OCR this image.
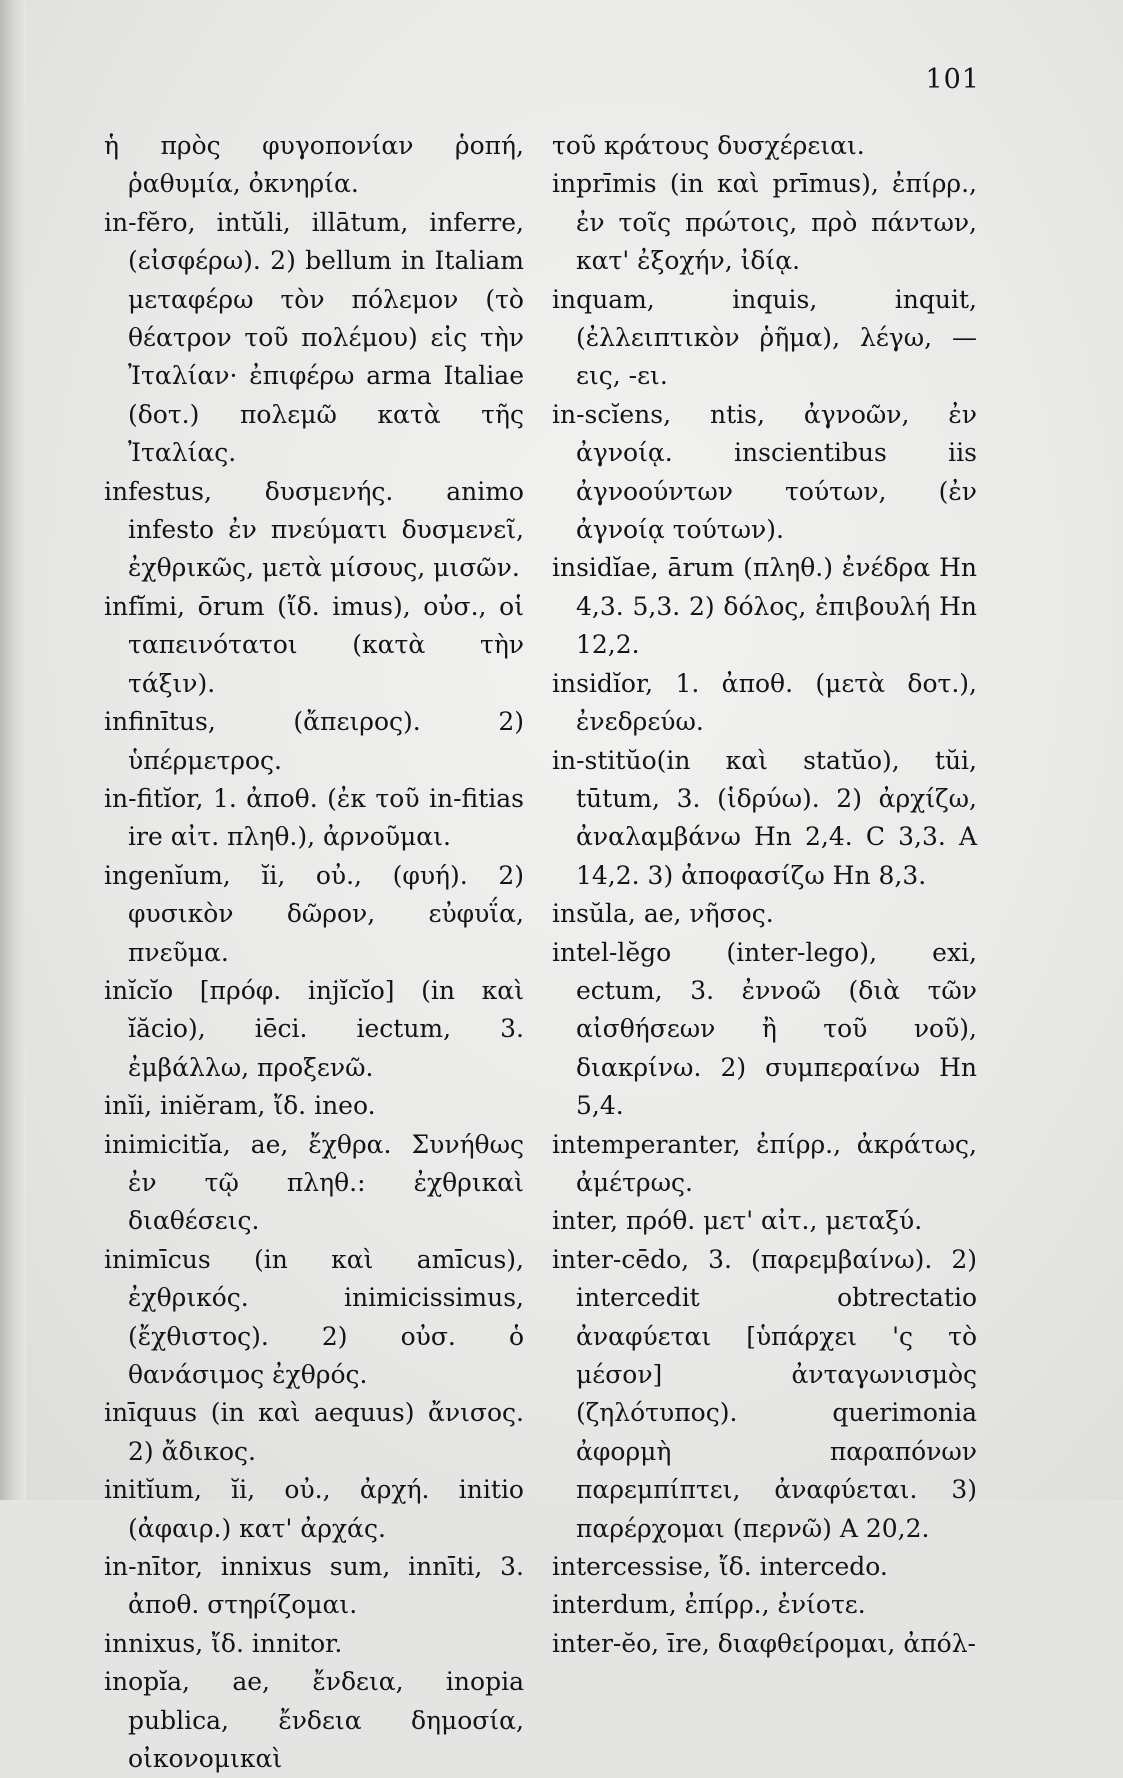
101
ἡ πρὸς φυγοπονίαν ῥοπή, ῥαθυμία, ὀκνηρία.
in-fĕro, intŭli, illātum, inferre, (εἰσφέρω). 2) bellum in Italiam μεταφέρω τὸν πόλεμον (τὸ θέατρον τοῦ πολέμου) εἰς τὴν Ἰταλίαν· ἐπιφέρω arma Italiae (δοτ.) πολεμῶ κατὰ τῆς Ἰταλίας.
infestus, δυσμενής. animo infesto ἐν πνεύματι δυσμενεῖ, ἐχθρικῶς, μετὰ μίσους, μισῶν.
infĭmi, ōrum (ἴδ. imus), οὐσ., οἱ ταπεινότατοι (κατὰ τὴν τάξιν).
infinītus, (ἄπειρος). 2) ὑπέρμετρος.
in-fitĭor, 1. ἀποθ. (ἐκ τοῦ in-fitias ire αἰτ. πληθ.), ἀρνοῦμαι.
ingenĭum, ĭi, οὐ., (φυή). 2) φυσικὸν δῶρον, εὐφυΐα, πνεῦμα.
inĭcĭo [πρόφ. injĭcĭo] (in καὶ ĭăcio), iēci. iectum, 3. ἐμβάλλω, προξενῶ.
inĭi, iniĕram, ἴδ. ineo.
inimicitĭa, ae, ἔχθρα. Συνήθως ἐν τῷ πληθ.: ἐχθρικαὶ διαθέσεις.
inimīcus (in καὶ amīcus), ἐχθρικός. inimicissimus, (ἔχθιστος). 2) οὐσ. ὁ θανάσιμος ἐχθρός.
inīquus (in καὶ aequus) ἄνισος. 2) ἄδικος.
initĭum, ĭi, οὐ., ἀρχή. initio (ἀφαιρ.) κατ' ἀρχάς.
in-nītor, innixus sum, innīti, 3. ἀποθ. στηρίζομαι.
innixus, ἴδ. innitor.
inopĭa, ae, ἔνδεια, inopia publica, ἔνδεια δημοσία, οἰκονομικαὶ
τοῦ κράτους δυσχέρειαι.
inprīmis (in καὶ prīmus), ἐπίρρ., ἐν τοῖς πρώτοις, πρὸ πάντων, κατ' ἐξοχήν, ἰδίᾳ.
inquam, inquis, inquit, (ἐλλειπτικὸν ῥῆμα), λέγω, —εις, -ει.
in-scĭens, ntis, ἀγνοῶν, ἐν ἀγνοίᾳ. inscientibus iis ἀγνοούντων τούτων, (ἐν ἀγνοίᾳ τούτων).
insidĭae, ārum (πληθ.) ἐνέδρα Hn 4,3. 5,3. 2) δόλος, ἐπιβουλή Hn 12,2.
insidĭor, 1. ἀποθ. (μετὰ δοτ.), ἐνεδρεύω.
in-stitŭo(in καὶ statŭo), tŭi, tūtum, 3. (ἱδρύω). 2) ἀρχίζω, ἀναλαμβάνω Hn 2,4. C 3,3. A 14,2. 3) ἀποφασίζω Hn 8,3.
insŭla, ae, νῆσος.
intel-lĕgo (inter-lego), exi, ectum, 3. ἐννοῶ (διὰ τῶν αἰσθήσεων ἢ τοῦ νοῦ), διακρίνω. 2) συμπεραίνω Hn 5,4.
intemperanter, ἐπίρρ., ἀκράτως, ἀμέτρως.
inter, πρόθ. μετ' αἰτ., μεταξύ.
inter-cēdo, 3. (παρεμβαίνω). 2) intercedit obtrectatio ἀναφύεται [ὑπάρχει 'ς τὸ μέσον] ἀνταγωνισμὸς (ζηλότυπος). querimonia ἀφορμὴ παραπόνων παρεμπίπτει, ἀναφύεται. 3) παρέρχομαι (περνῶ) A 20,2.
intercessise, ἴδ. intercedo.
interdum, ἐπίρρ., ἐνίοτε.
inter-ĕo, īre, διαφθείρομαι, ἀπόλ-
